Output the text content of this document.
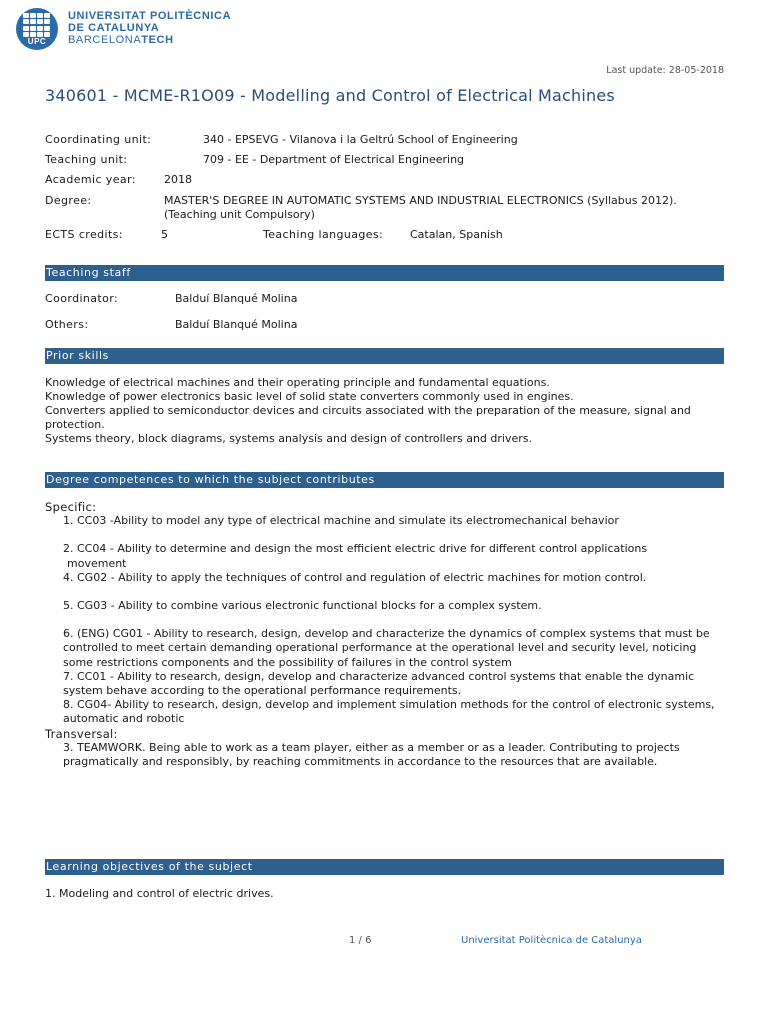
UPC
UNIVERSITAT POLITÈCNICA
DE CATALUNYA
BARCELONATECH
Last update: 28-05-2018
340601 - MCME-R1O09 - Modelling and Control of Electrical Machines
Coordinating unit:	340 - EPSEVG - Vilanova i la Geltrú School of Engineering
Teaching unit:	709 - EE - Department of Electrical Engineering
Academic year:	2018
Degree:	MASTER'S DEGREE IN AUTOMATIC SYSTEMS AND INDUSTRIAL ELECTRONICS (Syllabus 2012).
(Teaching unit Compulsory)
ECTS credits:	5	Teaching languages: Catalan, Spanish
Teaching staff
Coordinator:	Balduí Blanqué Molina
Others:	Balduí Blanqué Molina
Prior skills

Knowledge of electrical machines and their operating principle and fundamental equations.

Knowledge of power electronics basic level of solid state converters commonly used in engines.

Converters applied to semiconductor devices and circuits associated with the preparation of the measure, signal and

protection.

Systems theory, block diagrams, systems analysis and design of controllers and drivers.

Degree competences to which the subject contributes

Specific:

1. CC03 -Ability to model any type of electrical machine and simulate its electromechanical behavior

2. CC04 - Ability to determine and design the most efficient electric drive for different control applications

movement

4. CG02 - Ability to apply the techniques of control and regulation of electric machines for motion control.

5. CG03 - Ability to combine various electronic functional blocks for a complex system.

6. (ENG) CG01 - Ability to research, design, develop and characterize the dynamics of complex systems that must be

controlled to meet certain demanding operational performance at the operational level and security level, noticing

some restrictions components and the possibility of failures in the control system

7. CC01 - Ability to research, design, develop and characterize advanced control systems that enable the dynamic

system behave according to the operational performance requirements.

8. CG04- Ability to research, design, develop and implement simulation methods for the control of electronic systems,

automatic and robotic

Transversal:

3. TEAMWORK. Being able to work as a team player, either as a member or as a leader. Contributing to projects

pragmatically and responsibly, by reaching commitments in accordance to the resources that are available.

Learning objectives of the subject

1. Modeling and control of electric drives.

1 / 6	Universitat Politècnica de Catalunya
